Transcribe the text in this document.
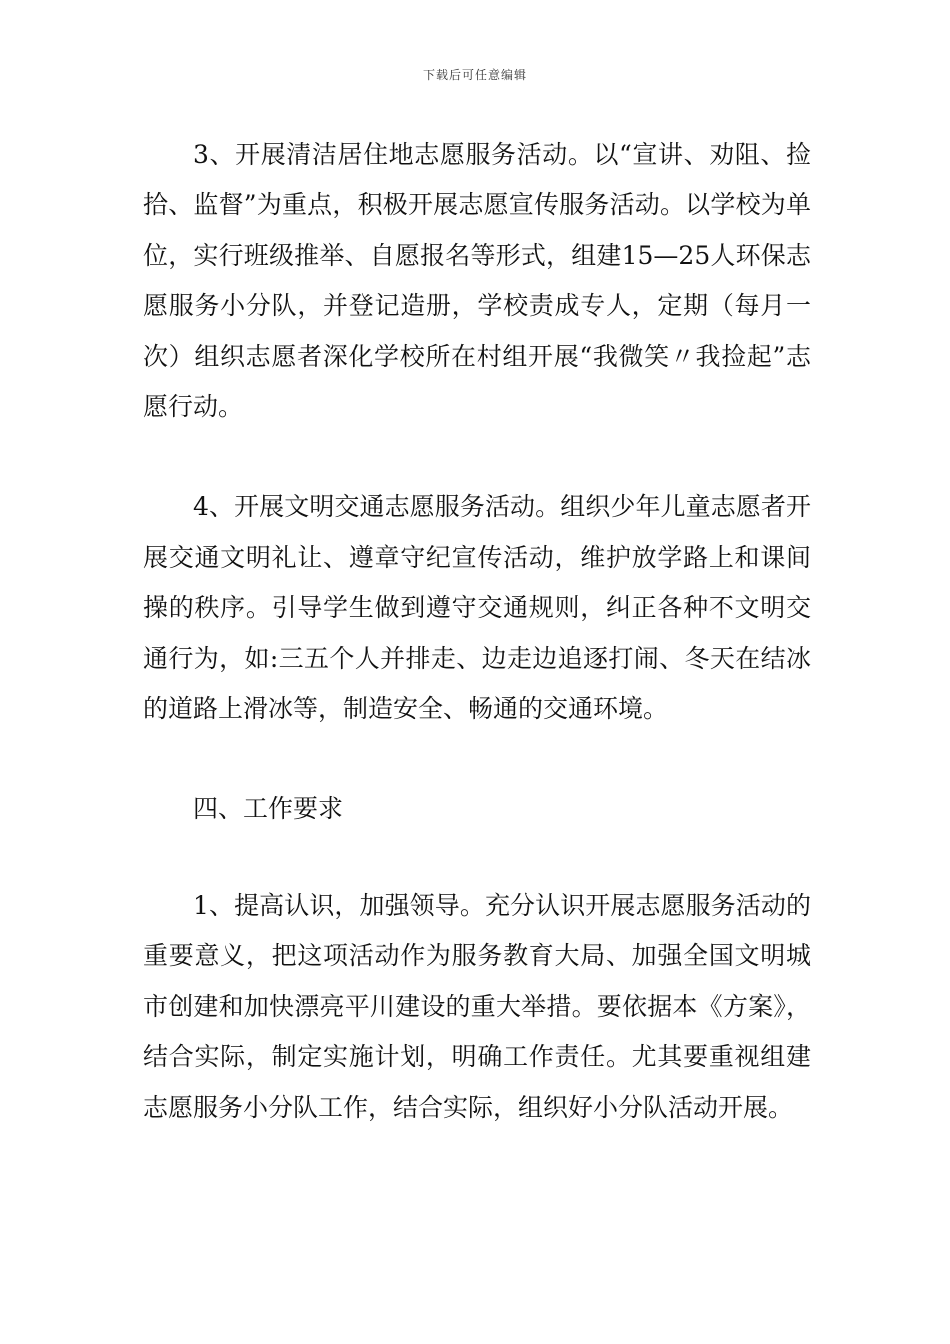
下载后可任意编辑

3、开展清洁居住地志愿服务活动。以“宣讲、劝阻、捡拾、监督”为重点，积极开展志愿宣传服务活动。以学校为单位，实行班级推举、自愿报名等形式，组建15—25人环保志愿服务小分队，并登记造册，学校责成专人，定期（每月一次）组织志愿者深化学校所在村组开展“我微笑〃我捡起”志愿行动。

4、开展文明交通志愿服务活动。组织少年儿童志愿者开展交通文明礼让、遵章守纪宣传活动，维护放学路上和课间操的秩序。引导学生做到遵守交通规则，纠正各种不文明交通行为，如:三五个人并排走、边走边追逐打闹、冬天在结冰的道路上滑冰等，制造安全、畅通的交通环境。

四、工作要求

1、提高认识，加强领导。充分认识开展志愿服务活动的重要意义，把这项活动作为服务教育大局、加强全国文明城市创建和加快漂亮平川建设的重大举措。要依据本《方案》，结合实际，制定实施计划，明确工作责任。尤其要重视组建志愿服务小分队工作，结合实际，组织好小分队活动开展。
